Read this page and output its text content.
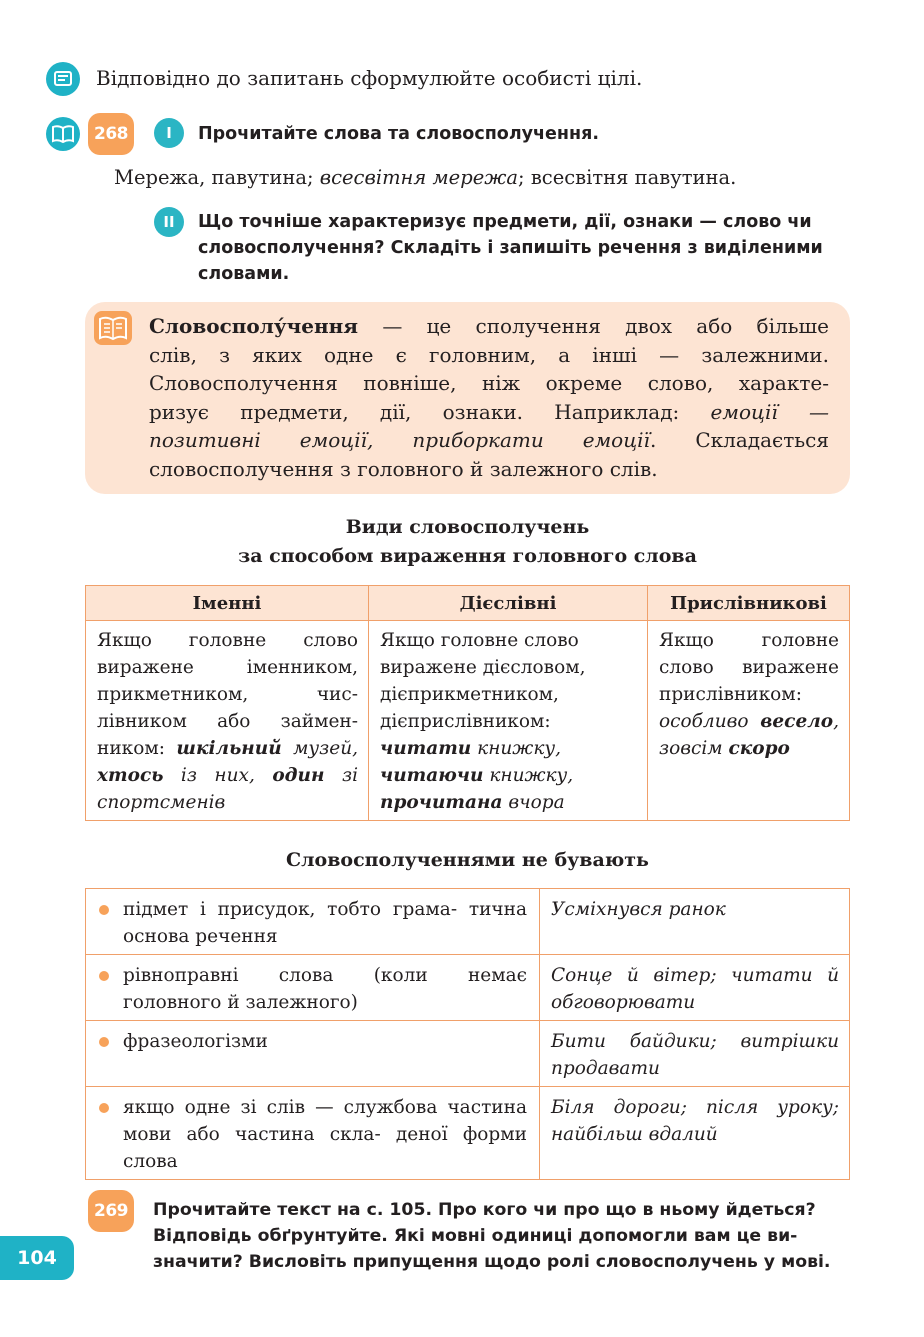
Відповідно до запитань сформулюйте особисті цілі.
268	I	Прочитайте слова та словосполучення.
Мережа, павутина; всесвітня мережа; всесвітня павутина.
II	Що точніше характеризує предмети, дії, ознаки — слово чи
словосполучення? Складіть і запишіть речення з виділеними
словами.
Словосполу́чення — це сполучення двох або більше
слів, з яких одне є головним, а інші — залежними.
Словосполучення повніше, ніж окреме слово, характе-
ризує предмети, дії, ознаки. Наприклад: емоції —
позитивні емоції, приборкати емоції. Складається
словосполучення з головного й залежного слів.
Види словосполучень
за способом вираження головного слова
Іменні	Дієслівні	Прислівникові
Якщо головне слово виражене іменником, прикметником, чис- лівником або займен- ником: шкільний музей, хтось із них, один зі спортсменів	Якщо головне слово виражене дієсловом, дієприкметником, дієприслівником: читати книжку, читаючи книжку, прочитана вчора	Якщо головне слово виражене прислівником: особливо весело, зовсім скоро
Словосполученнями не бувають
підмет і присудок, тобто грама- тична основа речення	Усміхнувся ранок

рівноправні слова (коли немає головного й залежного)	Сонце й вітер; читати й обговорювати

фразеологізми	Бити байдики; витрішки продавати

якщо одне зі слів — службова частина мови або частина скла- деної форми слова	Біля дороги; після уроку; найбільш вдалий
269	Прочитайте текст на с. 105. Про кого чи про що в ньому йдеться?
Відповідь обґрунтуйте. Які мовні одиниці допомогли вам це ви-
значити? Висловіть припущення щодо ролі словосполучень у мові.
104
